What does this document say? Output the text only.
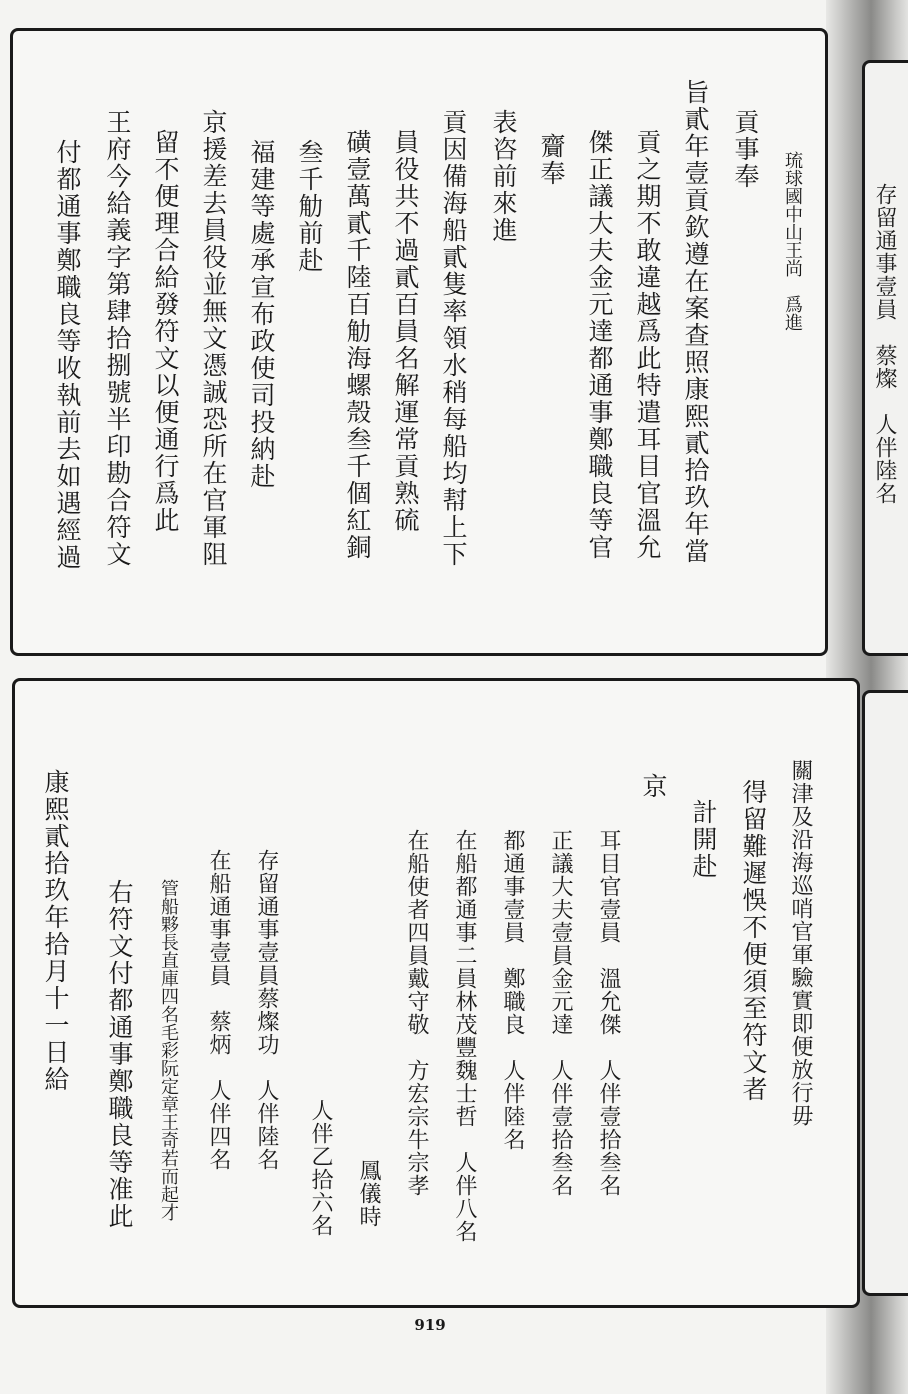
存留通事壹員　蔡燦　人伴陸名
琉球國中山王尚　爲進
貢事奉
旨貳年壹貢欽遵在案查照康熙貳拾玖年當
貢之期不敢違越爲此特遣耳目官溫允
傑正議大夫金元達都通事鄭職良等官
齎奉
表咨前來進
貢因備海船貳隻率領水稍每船均幇上下
員役共不過貳百員名解運常貢熟硫
磺壹萬貳千陸百觔海螺殼叁千個紅銅
叁千觔前赴
福建等處承宣布政使司投納赴
京援差去員役並無文憑誠恐所在官軍阻
留不便理合給發符文以便通行爲此
王府今給義字第肆拾捌號半印勘合符文
付都通事鄭職良等收執前去如遇經過
關津及沿海巡哨官軍驗實即便放行毋
得留難遲悞不便須至符文者
計開赴
京
耳目官壹員　溫允傑　人伴壹拾叁名
正議大夫壹員金元達　人伴壹拾叁名
都通事壹員　鄭職良　人伴陸名
在船都通事二員林茂豐魏士哲　人伴八名
在船使者四員戴守敬　方宏宗牛宗孝
鳳儀時
人伴乙拾六名
存留通事壹員蔡燦功　人伴陸名
在船通事壹員　蔡炳　人伴四名
管船夥長直庫四名毛彩阮定章王奇若而起才
右符文付都通事鄭職良等准此
康熙貳拾玖年拾月十一日給
919
